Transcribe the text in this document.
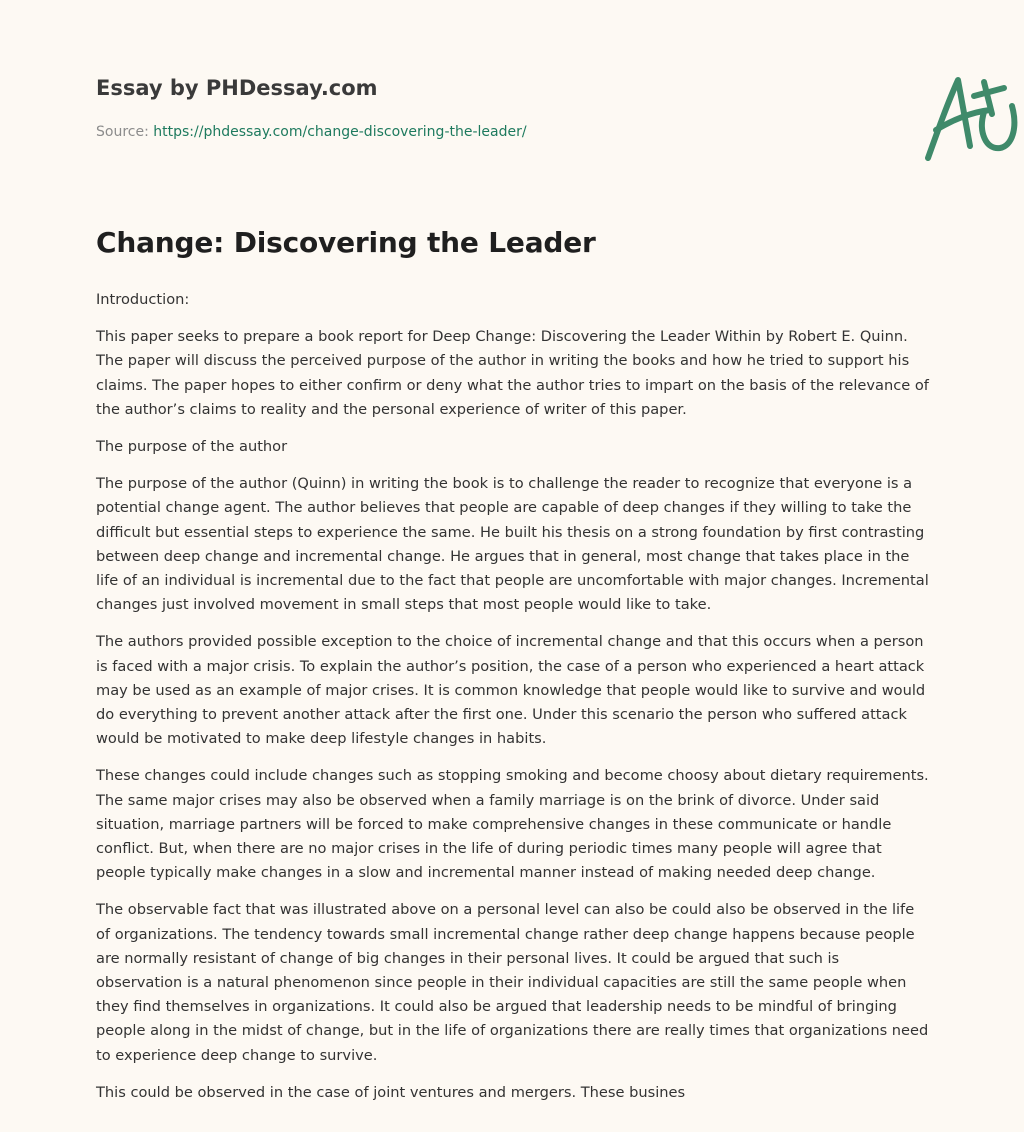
Essay by PHDessay.com
Source: https://phdessay.com/change-discovering-the-leader/
Change: Discovering the Leader

Introduction:

This paper seeks to prepare a book report for Deep Change: Discovering the Leader Within by Robert E. Quinn. The paper will discuss the perceived purpose of the author in writing the books and how he tried to support his claims. The paper hopes to either confirm or deny what the author tries to impart on the basis of the relevance of the author’s claims to reality and the personal experience of writer of this paper.

The purpose of the author

The purpose of the author (Quinn) in writing the book is to challenge the reader to recognize that everyone is a potential change agent. The author believes that people are capable of deep changes if they willing to take the difficult but essential steps to experience the same. He built his thesis on a strong foundation by first contrasting between deep change and incremental change. He argues that in general, most change that takes place in the life of an individual is incremental due to the fact that people are uncomfortable with major changes. Incremental changes just involved movement in small steps that most people would like to take.

The authors provided possible exception to the choice of incremental change and that this occurs when a person is faced with a major crisis. To explain the author’s position, the case of a person who experienced a heart attack may be used as an example of major crises. It is common knowledge that people would like to survive and would do everything to prevent another attack after the first one. Under this scenario the person who suffered attack would be motivated to make deep lifestyle changes in habits.

These changes could include changes such as stopping smoking and become choosy about dietary requirements. The same major crises may also be observed when a family marriage is on the brink of divorce. Under said situation, marriage partners will be forced to make comprehensive changes in these communicate or handle conflict. But, when there are no major crises in the life of during periodic times many people will agree that people typically make changes in a slow and incremental manner instead of making needed deep change.

The observable fact that was illustrated above on a personal level can also be could also be observed in the life of organizations. The tendency towards small incremental change rather deep change happens because people are normally resistant of change of big changes in their personal lives. It could be argued that such is observation is a natural phenomenon since people in their individual capacities are still the same people when they find themselves in organizations. It could also be argued that leadership needs to be mindful of bringing people along in the midst of change, but in the life of organizations there are really times that organizations need to experience deep change to survive.

This could be observed in the case of joint ventures and mergers. These busines
